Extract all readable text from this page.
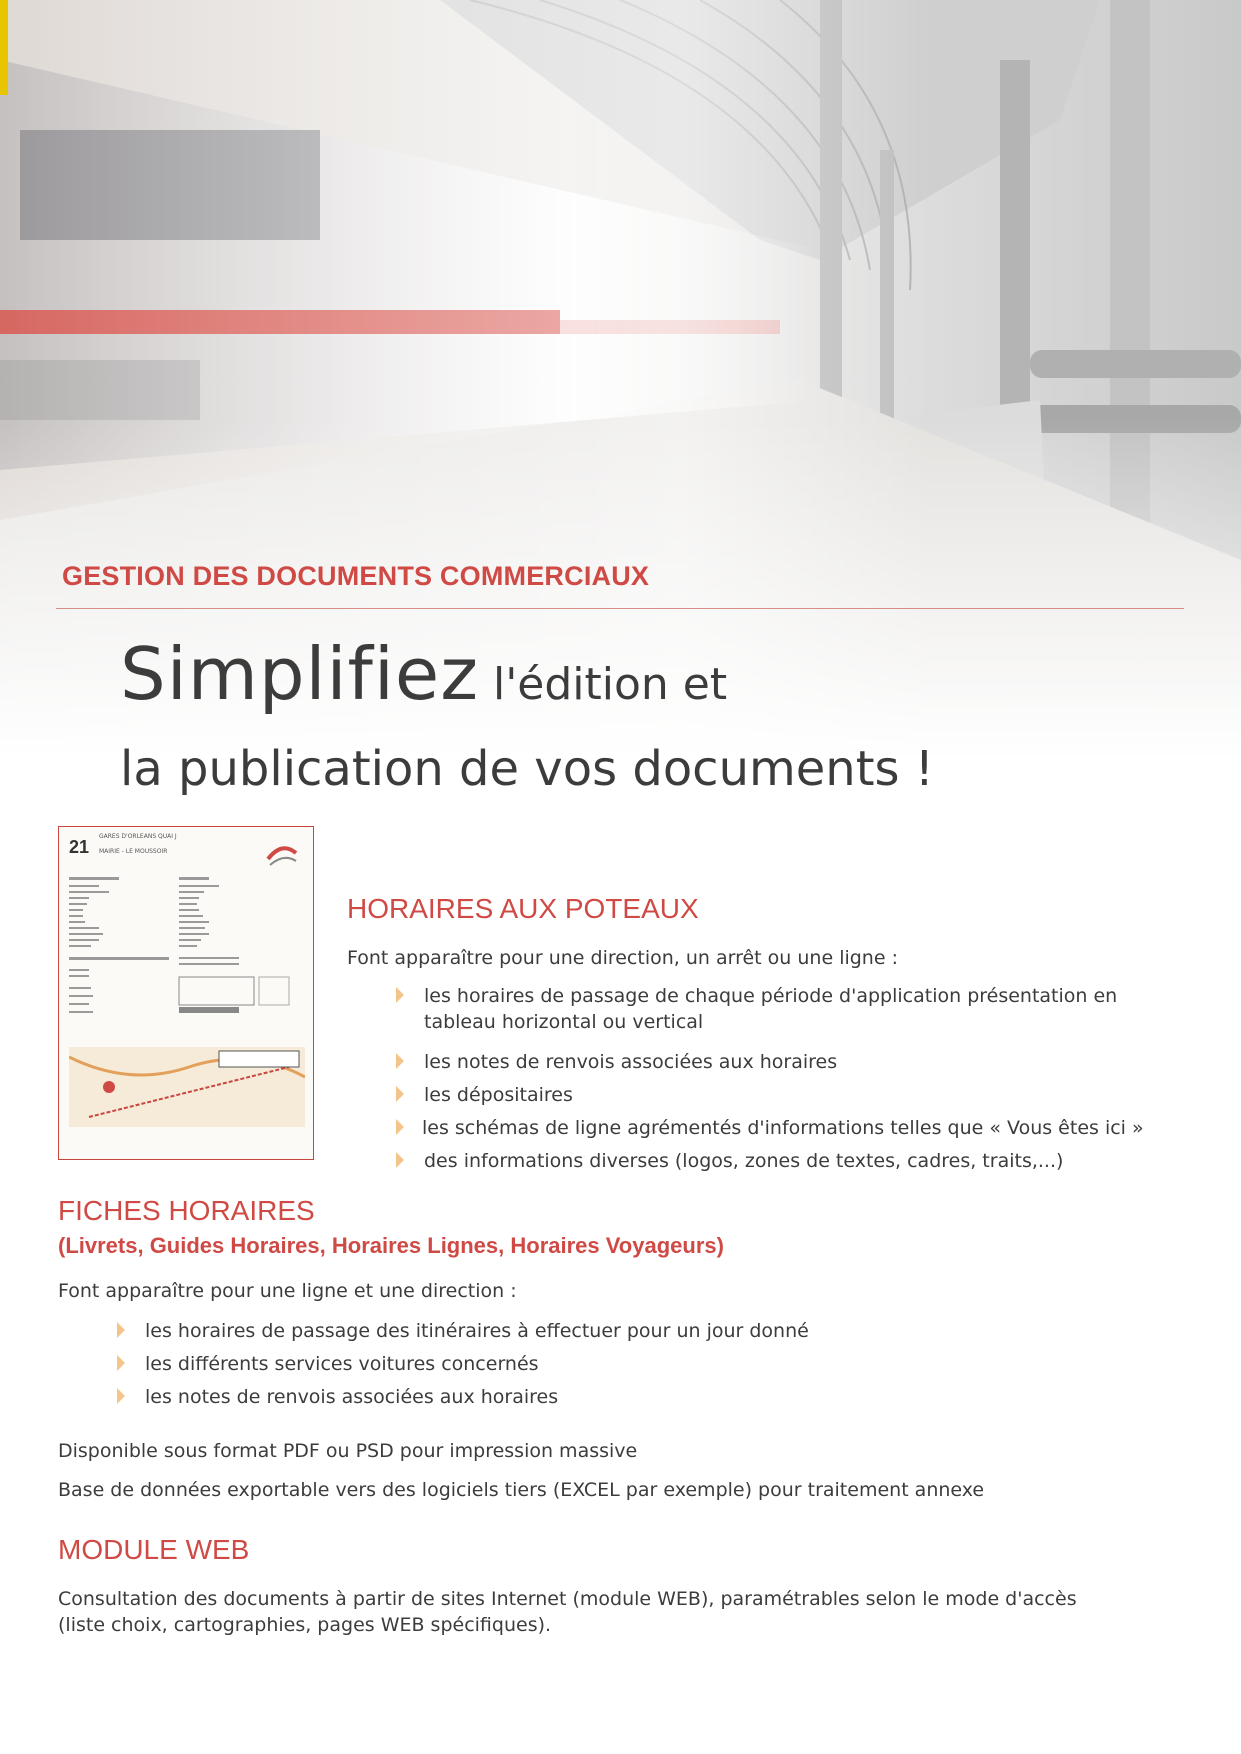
GESTION DES DOCUMENTS COMMERCIAUX
Simplifiez l'édition et
la publication de vos documents !
21
GARES D'ORLEANS QUAI J
MAIRIE - LE MOUSSOIR
HORAIRES AUX POTEAUX
Font apparaître pour une direction, un arrêt ou une ligne :
les horaires de passage de chaque période d'application présentation en
tableau horizontal ou vertical
les notes de renvois associées aux horaires
les dépositaires
les schémas de ligne agrémentés d'informations telles que « Vous êtes ici »
des informations diverses (logos, zones de textes, cadres, traits,...)
FICHES HORAIRES
(Livrets, Guides Horaires, Horaires Lignes, Horaires Voyageurs)
Font apparaître pour une ligne et une direction :
les horaires de passage des itinéraires à effectuer pour un jour donné
les différents services voitures concernés
les notes de renvois associées aux horaires
Disponible sous format PDF ou PSD pour impression massive
Base de données exportable vers des logiciels tiers (EXCEL par exemple) pour traitement annexe
MODULE WEB
Consultation des documents à partir de sites Internet (module WEB), paramétrables selon le mode d'accès
(liste choix, cartographies, pages WEB spécifiques).
